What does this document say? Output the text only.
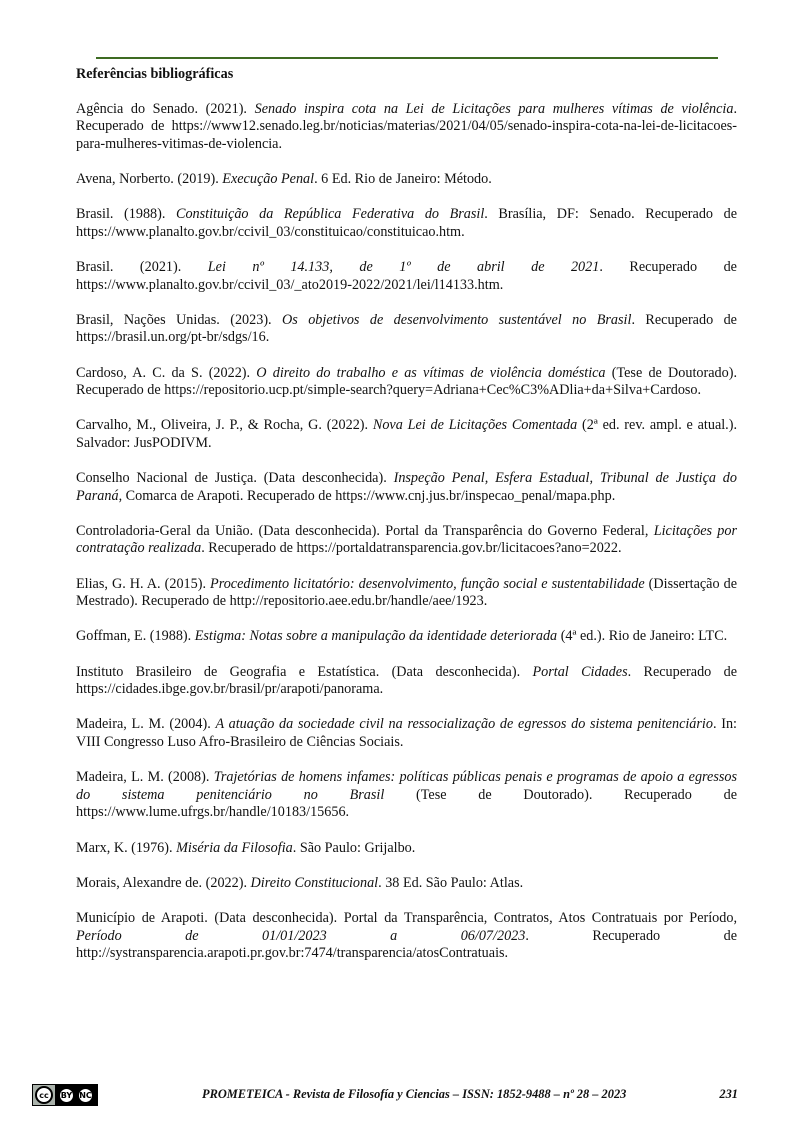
Referências bibliográficas

Agência do Senado. (2021). Senado inspira cota na Lei de Licitações para mulheres vítimas de violência. Recuperado de https://www12.senado.leg.br/noticias/materias/2021/04/05/senado-inspira-cota-na-lei-de-licitacoes-para-mulheres-vitimas-de-violencia.

Avena, Norberto. (2019). Execução Penal. 6 Ed. Rio de Janeiro: Método.

Brasil. (1988). Constituição da República Federativa do Brasil. Brasília, DF: Senado. Recuperado de https://www.planalto.gov.br/ccivil_03/constituicao/constituicao.htm.

Brasil. (2021). Lei nº 14.133, de 1º de abril de 2021. Recuperado de https://www.planalto.gov.br/ccivil_03/_ato2019-2022/2021/lei/l14133.htm.

Brasil, Nações Unidas. (2023). Os objetivos de desenvolvimento sustentável no Brasil. Recuperado de https://brasil.un.org/pt-br/sdgs/16.

Cardoso, A. C. da S. (2022). O direito do trabalho e as vítimas de violência doméstica (Tese de Doutorado). Recuperado de https://repositorio.ucp.pt/simple-search?query=Adriana+Cec%C3%ADlia+da+Silva+Cardoso.

Carvalho, M., Oliveira, J. P., & Rocha, G. (2022). Nova Lei de Licitações Comentada (2ª ed. rev. ampl. e atual.). Salvador: JusPODIVM.

Conselho Nacional de Justiça. (Data desconhecida). Inspeção Penal, Esfera Estadual, Tribunal de Justiça do Paraná, Comarca de Arapoti. Recuperado de https://www.cnj.jus.br/inspecao_penal/mapa.php.

Controladoria-Geral da União. (Data desconhecida). Portal da Transparência do Governo Federal, Licitações por contratação realizada. Recuperado de https://portaldatransparencia.gov.br/licitacoes?ano=2022.

Elias, G. H. A. (2015). Procedimento licitatório: desenvolvimento, função social e sustentabilidade (Dissertação de Mestrado). Recuperado de http://repositorio.aee.edu.br/handle/aee/1923.

Goffman, E. (1988). Estigma: Notas sobre a manipulação da identidade deteriorada (4ª ed.). Rio de Janeiro: LTC.

Instituto Brasileiro de Geografia e Estatística. (Data desconhecida). Portal Cidades. Recuperado de https://cidades.ibge.gov.br/brasil/pr/arapoti/panorama.

Madeira, L. M. (2004). A atuação da sociedade civil na ressocialização de egressos do sistema penitenciário. In: VIII Congresso Luso Afro-Brasileiro de Ciências Sociais.

Madeira, L. M. (2008). Trajetórias de homens infames: políticas públicas penais e programas de apoio a egressos do sistema penitenciário no Brasil (Tese de Doutorado). Recuperado de https://www.lume.ufrgs.br/handle/10183/15656.

Marx, K. (1976). Miséria da Filosofia. São Paulo: Grijalbo.

Morais, Alexandre de. (2022). Direito Constitucional. 38 Ed. São Paulo: Atlas.

Município de Arapoti. (Data desconhecida). Portal da Transparência, Contratos, Atos Contratuais por Período, Período de 01/01/2023 a 06/07/2023. Recuperado de http://systransparencia.arapoti.pr.gov.br:7474/transparencia/atosContratuais.

cc	BY NC	PROMETEICA - Revista de Filosofía y Ciencias – ISSN: 1852-9488 – nº 28 – 2023	231
